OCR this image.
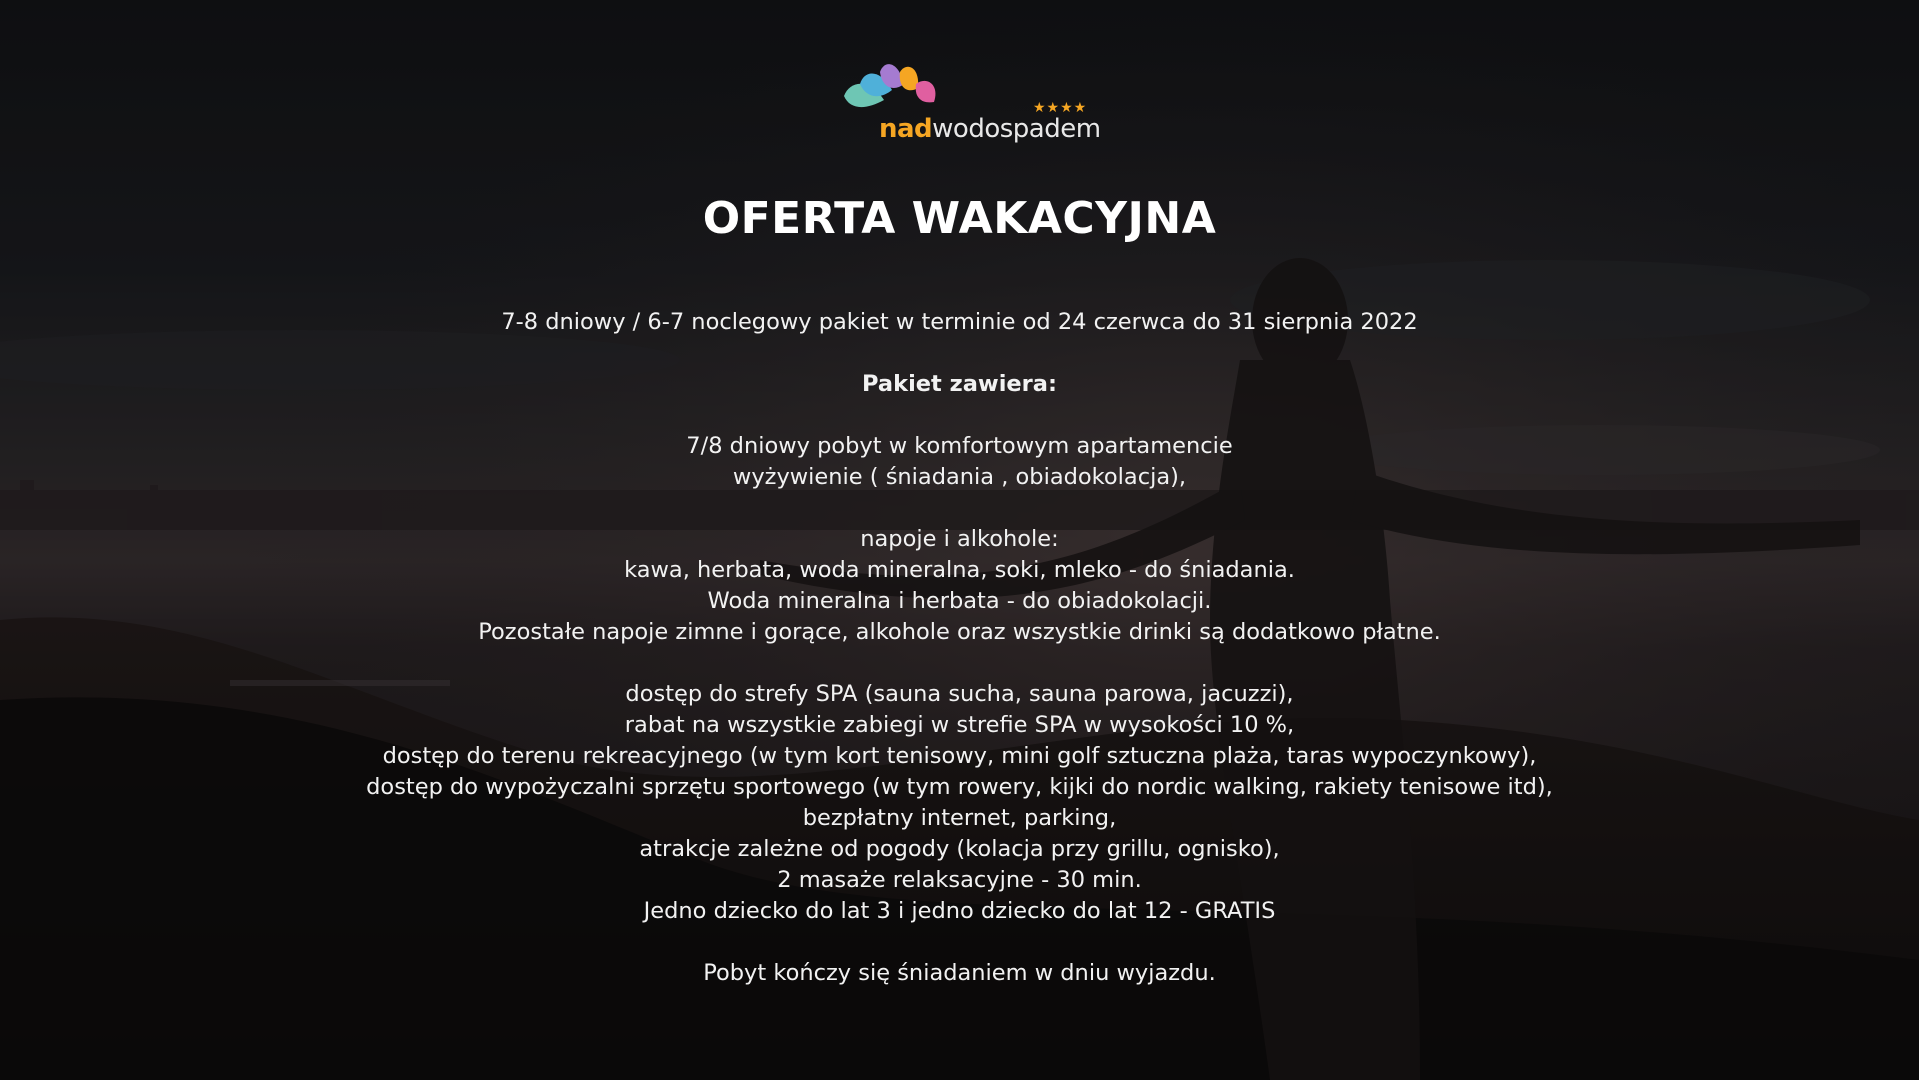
★★★★
nadwodospadem
OFERTA WAKACYJNA
7-8 dniowy / 6-7 noclegowy pakiet w terminie od 24 czerwca do 31 sierpnia 2022
Pakiet zawiera:
7/8 dniowy pobyt w komfortowym apartamencie
wyżywienie ( śniadania , obiadokolacja),
napoje i alkohole:
kawa, herbata, woda mineralna, soki, mleko - do śniadania.
Woda mineralna i herbata - do obiadokolacji.
Pozostałe napoje zimne i gorące, alkohole oraz wszystkie drinki są dodatkowo płatne.
dostęp do strefy SPA (sauna sucha, sauna parowa, jacuzzi),
rabat na wszystkie zabiegi w strefie SPA w wysokości 10 %,
dostęp do terenu rekreacyjnego (w tym kort tenisowy, mini golf sztuczna plaża, taras wypoczynkowy),
dostęp do wypożyczalni sprzętu sportowego (w tym rowery, kijki do nordic walking, rakiety tenisowe itd),
bezpłatny internet, parking,
atrakcje zależne od pogody (kolacja przy grillu, ognisko),
2 masaże relaksacyjne - 30 min.
Jedno dziecko do lat 3 i jedno dziecko do lat 12 - GRATIS
Pobyt kończy się śniadaniem w dniu wyjazdu.
